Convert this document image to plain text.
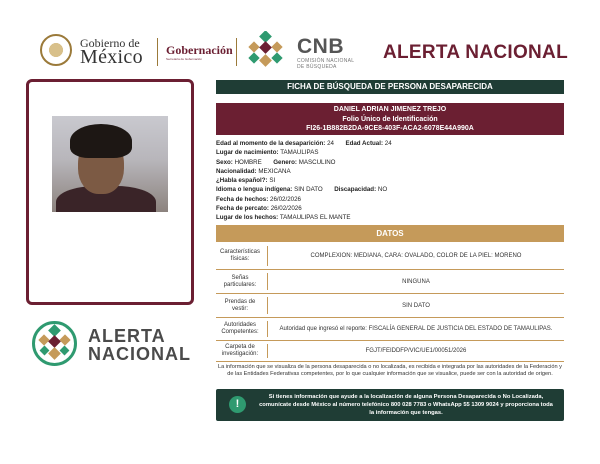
Gobierno de
México Gobernación
Secretaría de Gobernación
CNB
COMISIÓN NACIONAL
DE BÚSQUEDA
ALERTA NACIONAL
ALERTA
NACIONAL
FICHA DE BÚSQUEDA DE PERSONA DESAPARECIDA
DANIEL ADRIAN JIMENEZ TREJO
Folio Único de Identificación
FI26-1B882B2DA-9CE8-403F-ACA2-6078E44A990A
Edad al momento de la desaparición: 24 Edad Actual: 24
Lugar de nacimiento: TAMAULIPAS
Sexo: HOMBRE Genero: MASCULINO
Nacionalidad: MEXICANA
¿Habla español?: SI
Idioma o lengua indígena: SIN DATO Discapacidad: NO
Fecha de hechos: 26/02/2026
Fecha de percato: 26/02/2026
Lugar de los hechos: TAMAULIPAS EL MANTE
DATOS
Características físicas:	COMPLEXION: MEDIANA, CARA: OVALADO, COLOR DE LA PIEL: MORENO
Señas particulares:	NINGUNA
Prendas de vestir:	SIN DATO
Autoridades Competentes:	Autoridad que ingresó el reporte: FISCALÍA GENERAL DE JUSTICIA DEL ESTADO DE TAMAULIPAS.
Carpeta de investigación:	FGJT/FEIDDFP/VIC/UE1/00051/2026
La información que se visualiza de la persona desaparecida o no localizada, es recibida e integrada por las autoridades de la Federación y de las Entidades Federativas competentes, por lo que cualquier información que se visualice, puede ser con la autoridad de origen.
!
Si tienes información que ayude a la localización de alguna Persona Desaparecida o No Localizada, comunícate desde México al número telefónico 800 028 7783 o WhatsApp 55 1309 9024 y proporciona toda la información que tengas.
